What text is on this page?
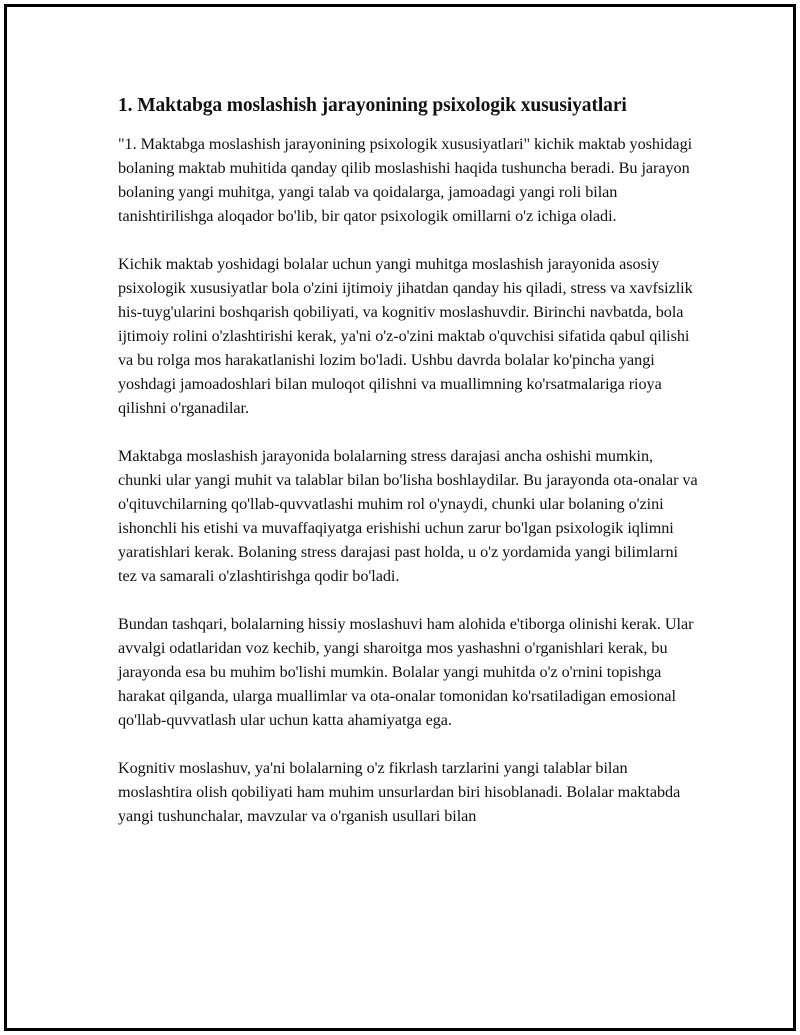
1. Maktabga moslashish jarayonining psixologik xususiyatlari

"1. Maktabga moslashish jarayonining psixologik xususiyatlari" kichik maktab yoshidagi bolaning maktab muhitida qanday qilib moslashishi haqida tushuncha beradi. Bu jarayon bolaning yangi muhitga, yangi talab va qoidalarga, jamoadagi yangi roli bilan tanishtirilishga aloqador bo'lib, bir qator psixologik omillarni o'z ichiga oladi.

Kichik maktab yoshidagi bolalar uchun yangi muhitga moslashish jarayonida asosiy psixologik xususiyatlar bola o'zini ijtimoiy jihatdan qanday his qiladi, stress va xavfsizlik his-tuyg'ularini boshqarish qobiliyati, va kognitiv moslashuvdir. Birinchi navbatda, bola ijtimoiy rolini o'zlashtirishi kerak, ya'ni o'z-o'zini maktab o'quvchisi sifatida qabul qilishi va bu rolga mos harakatlanishi lozim bo'ladi. Ushbu davrda bolalar ko'pincha yangi yoshdagi jamoadoshlari bilan muloqot qilishni va muallimning ko'rsatmalariga rioya qilishni o'rganadilar.

Maktabga moslashish jarayonida bolalarning stress darajasi ancha oshishi mumkin, chunki ular yangi muhit va talablar bilan bo'lisha boshlaydilar. Bu jarayonda ota-onalar va o'qituvchilarning qo'llab-quvvatlashi muhim rol o'ynaydi, chunki ular bolaning o'zini ishonchli his etishi va muvaffaqiyatga erishishi uchun zarur bo'lgan psixologik iqlimni yaratishlari kerak. Bolaning stress darajasi past holda, u o'z yordamida yangi bilimlarni tez va samarali o'zlashtirishga qodir bo'ladi.

Bundan tashqari, bolalarning hissiy moslashuvi ham alohida e'tiborga olinishi kerak. Ular avvalgi odatlaridan voz kechib, yangi sharoitga mos yashashni o'rganishlari kerak, bu jarayonda esa bu muhim bo'lishi mumkin. Bolalar yangi muhitda o'z o'rnini topishga harakat qilganda, ularga muallimlar va ota-onalar tomonidan ko'rsatiladigan emosional qo'llab-quvvatlash ular uchun katta ahamiyatga ega.

Kognitiv moslashuv, ya'ni bolalarning o'z fikrlash tarzlarini yangi talablar bilan moslashtira olish qobiliyati ham muhim unsurlardan biri hisoblanadi. Bolalar maktabda yangi tushunchalar, mavzular va o'rganish usullari bilan
